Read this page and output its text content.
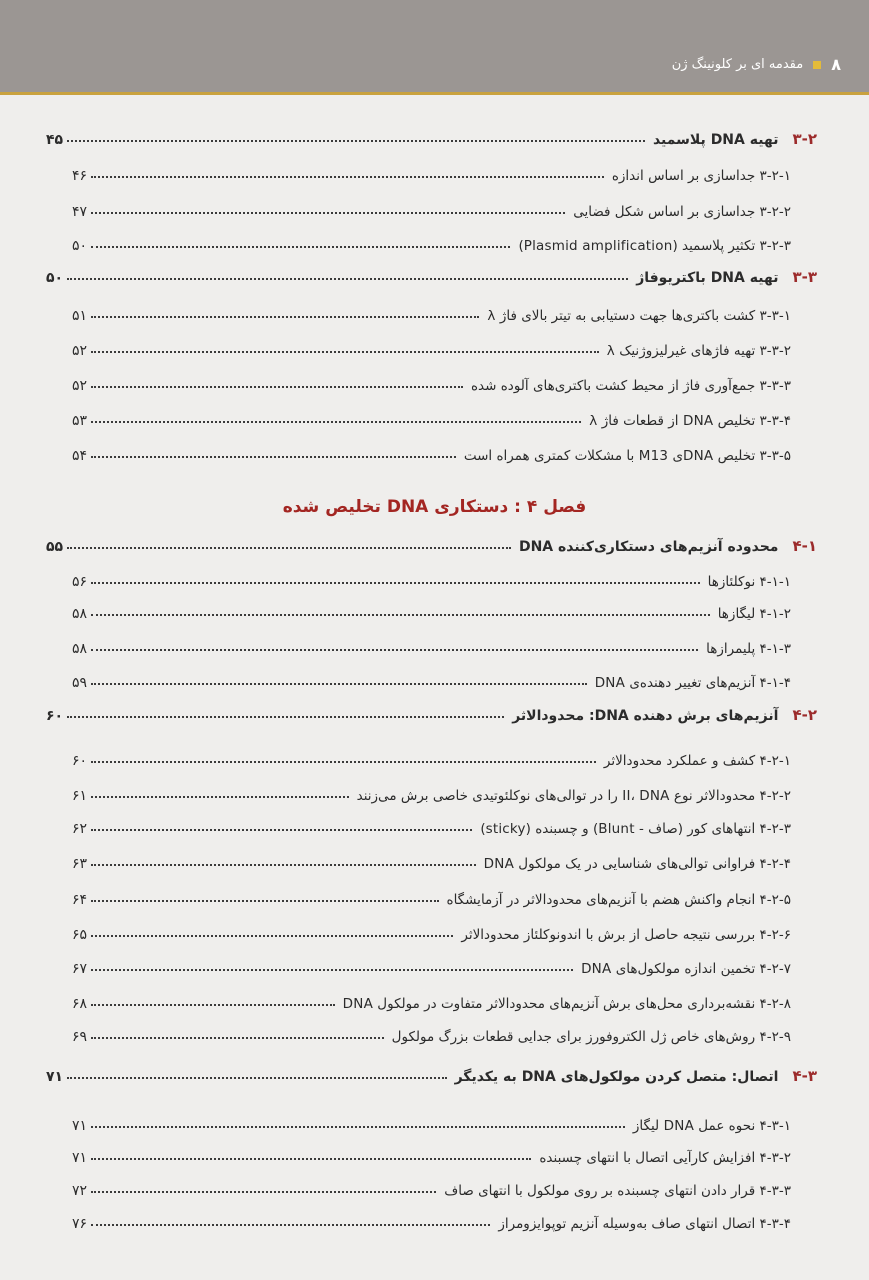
۸
مقدمه ای بر کلونینگ ژن
فصل ۴ : دستکاری DNA تخلیص شده
۳-۲
تهیه DNA پلاسمید
۴۵
۳-۲-۱ جداسازی بر اساس اندازه
۴۶
۳-۲-۲ جداسازی بر اساس شکل فضایی
۴۷
۳-۲-۳ تکثیر پلاسمید (Plasmid amplification)
۵۰
۳-۳
تهیه DNA باکتریوفاژ
۵۰
۳-۳-۱ کشت باکتری‌ها جهت دستیابی به تیتر بالای فاژ λ
۵۱
۳-۳-۲ تهیه فاژهای غیرلیزوژنیک λ
۵۲
۳-۳-۳ جمع‌آوری فاژ از محیط کشت باکتری‌های آلوده شده
۵۲
۳-۳-۴ تخلیص DNA از قطعات فاژ λ
۵۳
۳-۳-۵ تخلیص DNAی M13 با مشکلات کمتری همراه است
۵۴
۴-۱
محدوده آنزیم‌های دستکاری‌کننده DNA
۵۵
۴-۱-۱ نوکلئازها
۵۶
۴-۱-۲ لیگازها
۵۸
۴-۱-۳ پلیمرازها
۵۸
۴-۱-۴ آنزیم‌های تغییر دهنده‌ی DNA
۵۹
۴-۲
آنزیم‌های برش دهنده DNA: محدودالاثر
۶۰
۴-۲-۱ کشف و عملکرد محدودالاثر
۶۰
۴-۲-۲ محدودالاثر نوع II، DNA را در توالی‌های نوکلئوتیدی خاصی برش می‌زنند
۶۱
۴-۲-۳ انتهاهای کور (صاف - Blunt) و چسبنده (sticky)
۶۲
۴-۲-۴ فراوانی توالی‌های شناسایی در یک مولکول DNA
۶۳
۴-۲-۵ انجام واکنش هضم با آنزیم‌های محدودالاثر در آزمایشگاه
۶۴
۴-۲-۶ بررسی نتیجه حاصل از برش با اندونوکلئاز محدودالاثر
۶۵
۴-۲-۷ تخمین اندازه مولکول‌های DNA
۶۷
۴-۲-۸ نقشه‌برداری محل‌های برش آنزیم‌های محدودالاثر متفاوت در مولکول DNA
۶۸
۴-۲-۹ روش‌های خاص ژل الکتروفورز برای جدایی قطعات بزرگ مولکول
۶۹
۴-۳
اتصال: متصل کردن مولکول‌های DNA به یکدیگر
۷۱
۴-۳-۱ نحوه عمل DNA لیگاز
۷۱
۴-۳-۲ افزایش کارآیی اتصال با انتهای چسبنده
۷۱
۴-۳-۳ قرار دادن انتهای چسبنده بر روی مولکول با انتهای صاف
۷۲
۴-۳-۴ اتصال انتهای صاف به‌وسیله آنزیم توپوایزومراز
۷۶
